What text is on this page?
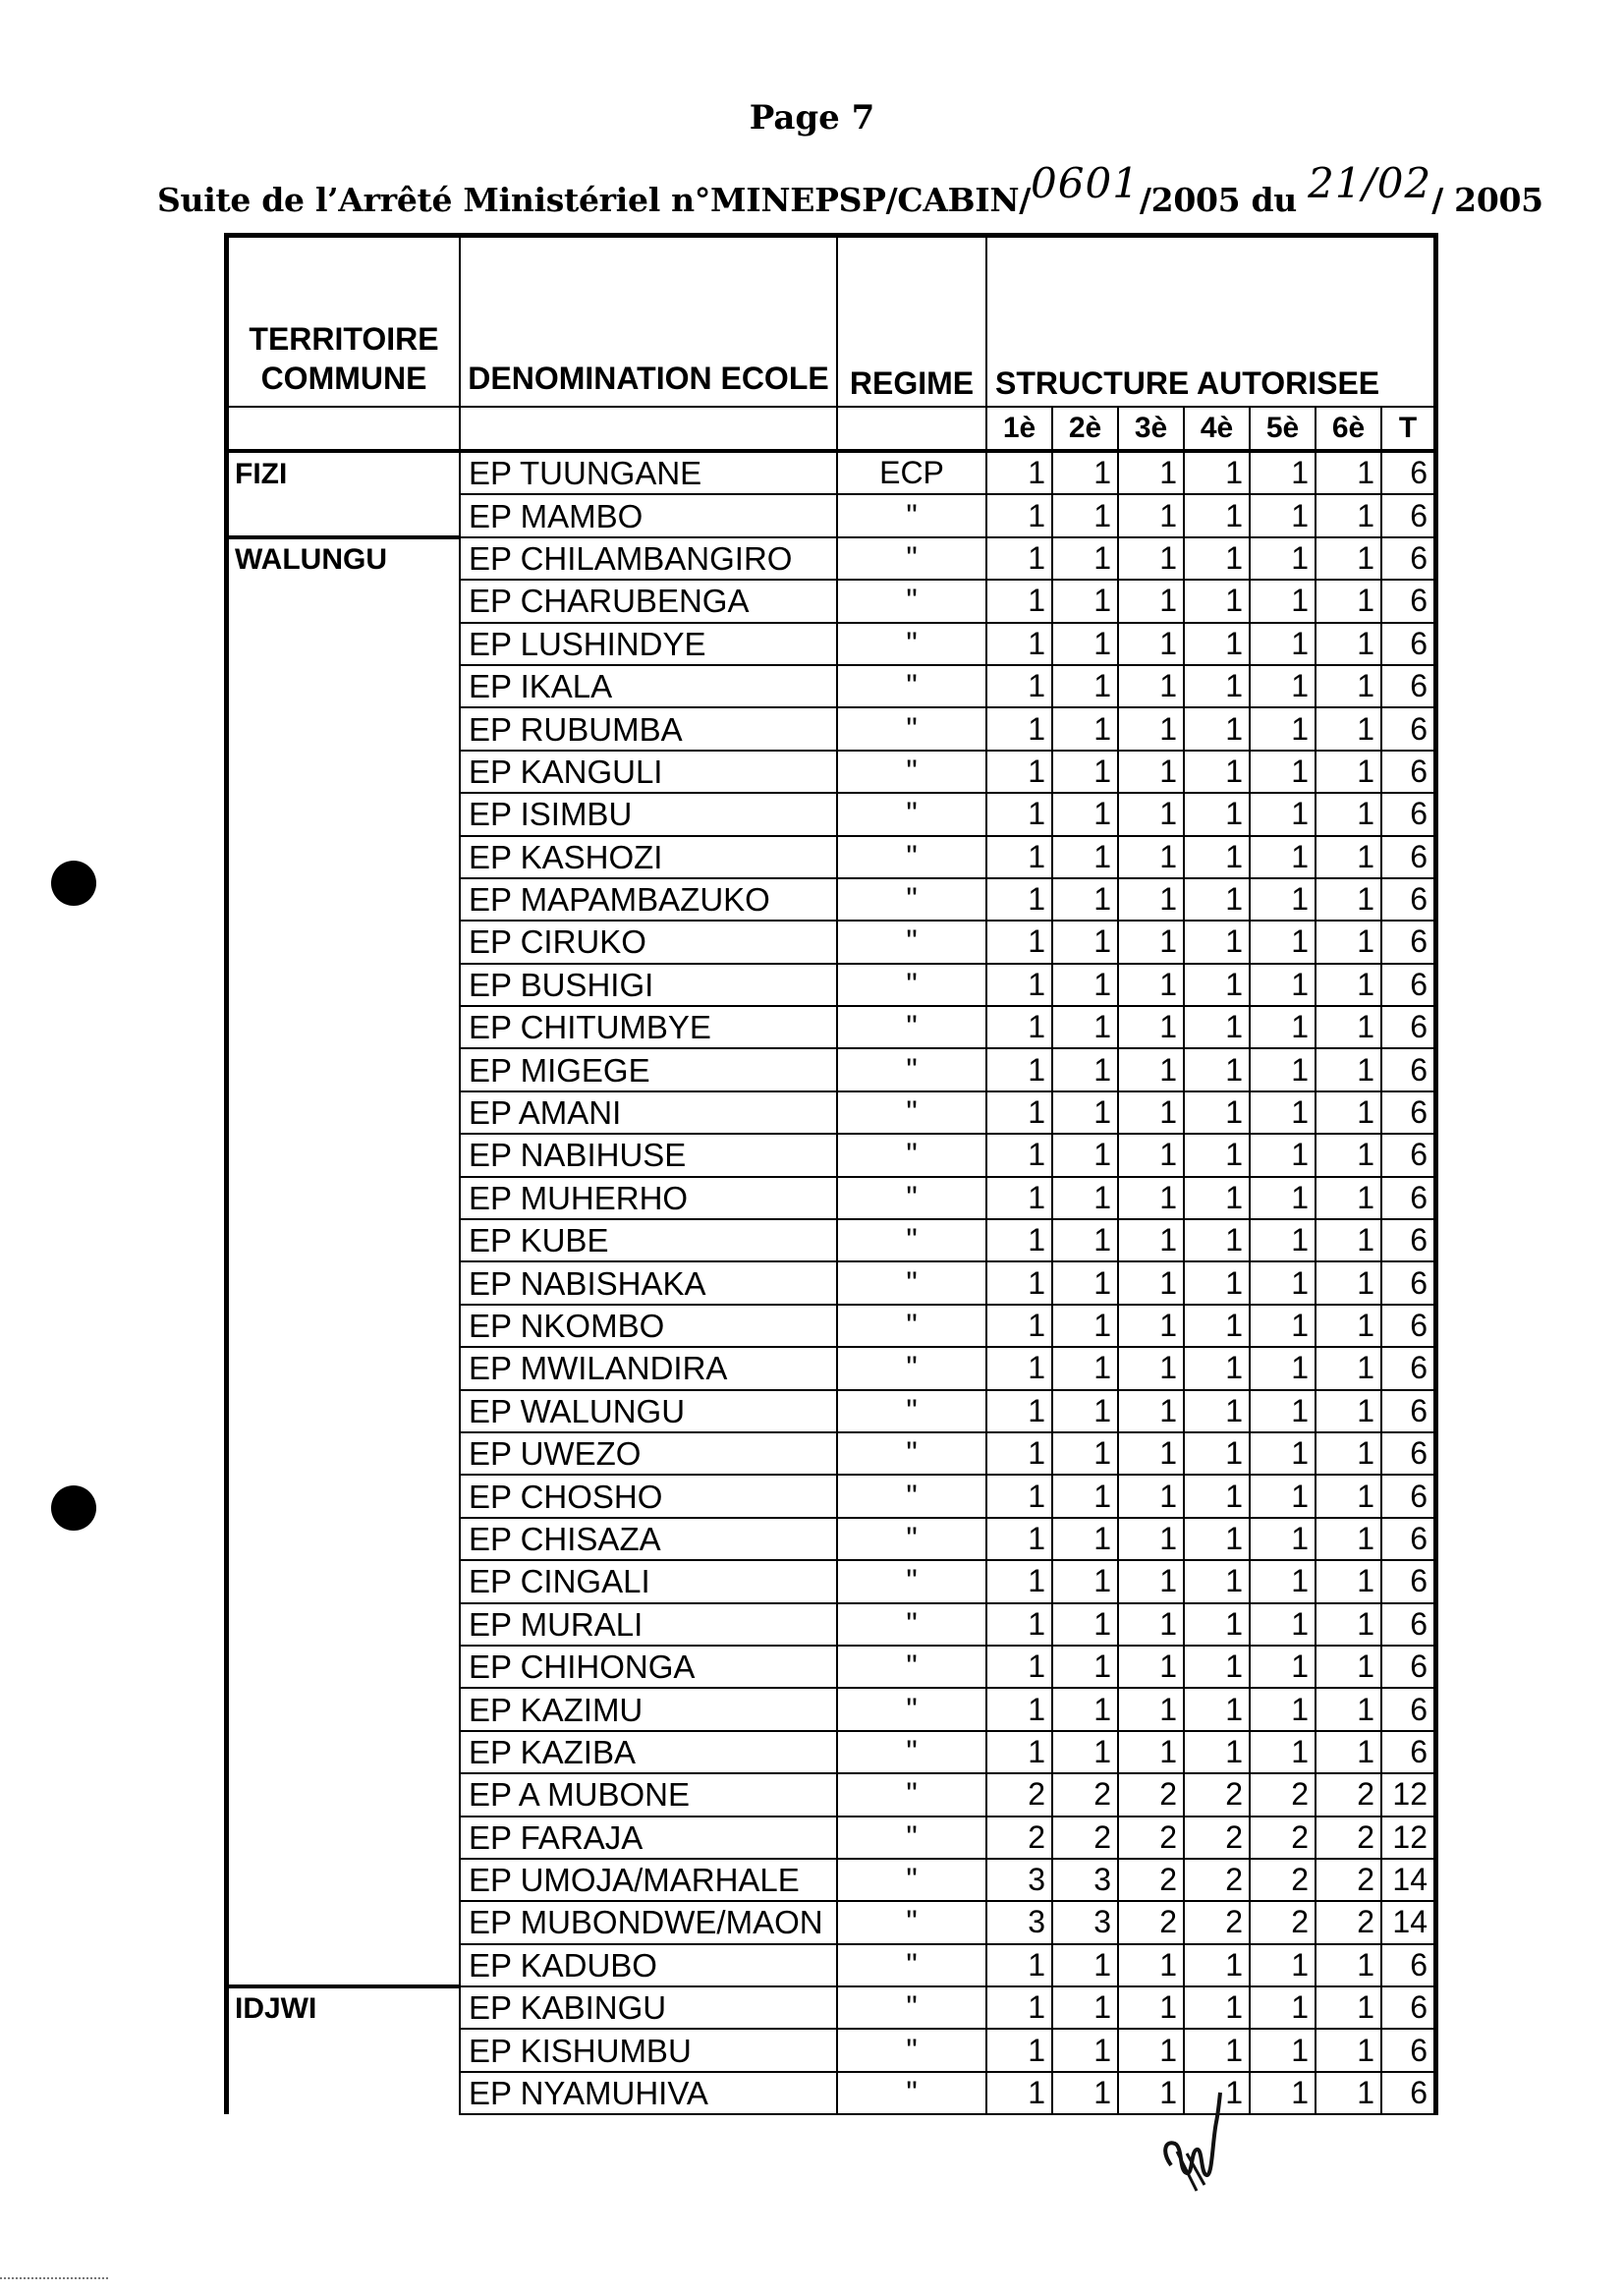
Page 7
Suite de l’Arrêté Ministériel n°MINEPSP/CABIN/0601/2005 du 21/02/ 2005
TERRITOIRE COMMUNE	DENOMINATION ECOLE	REGIME	STRUCTURE AUTORISEE						
			1è	2è	3è	4è	5è	6è	T
FIZI	EP TUUNGANE	ECP	1	1	1	1	1	1	6
	EP MAMBO	"	1	1	1	1	1	1	6
WALUNGU	EP CHILAMBANGIRO	"	1	1	1	1	1	1	6
	EP CHARUBENGA	"	1	1	1	1	1	1	6
	EP LUSHINDYE	"	1	1	1	1	1	1	6
	EP IKALA	"	1	1	1	1	1	1	6
	EP RUBUMBA	"	1	1	1	1	1	1	6
	EP KANGULI	"	1	1	1	1	1	1	6
	EP ISIMBU	"	1	1	1	1	1	1	6
	EP KASHOZI	"	1	1	1	1	1	1	6
	EP MAPAMBAZUKO	"	1	1	1	1	1	1	6
	EP CIRUKO	"	1	1	1	1	1	1	6
	EP BUSHIGI	"	1	1	1	1	1	1	6
	EP CHITUMBYE	"	1	1	1	1	1	1	6
	EP MIGEGE	"	1	1	1	1	1	1	6
	EP AMANI	"	1	1	1	1	1	1	6
	EP NABIHUSE	"	1	1	1	1	1	1	6
	EP MUHERHO	"	1	1	1	1	1	1	6
	EP KUBE	"	1	1	1	1	1	1	6
	EP NABISHAKA	"	1	1	1	1	1	1	6
	EP NKOMBO	"	1	1	1	1	1	1	6
	EP MWILANDIRA	"	1	1	1	1	1	1	6
	EP WALUNGU	"	1	1	1	1	1	1	6
	EP UWEZO	"	1	1	1	1	1	1	6
	EP CHOSHO	"	1	1	1	1	1	1	6
	EP CHISAZA	"	1	1	1	1	1	1	6
	EP CINGALI	"	1	1	1	1	1	1	6
	EP MURALI	"	1	1	1	1	1	1	6
	EP CHIHONGA	"	1	1	1	1	1	1	6
	EP KAZIMU	"	1	1	1	1	1	1	6
	EP KAZIBA	"	1	1	1	1	1	1	6
	EP A MUBONE	"	2	2	2	2	2	2	12
	EP FARAJA	"	2	2	2	2	2	2	12
	EP UMOJA/MARHALE	"	3	3	2	2	2	2	14
	EP MUBONDWE/MAON	"	3	3	2	2	2	2	14
	EP KADUBO	"	1	1	1	1	1	1	6
IDJWI	EP KABINGU	"	1	1	1	1	1	1	6
	EP KISHUMBU	"	1	1	1	1	1	1	6
	EP NYAMUHIVA	"	1	1	1	1	1	1	6
